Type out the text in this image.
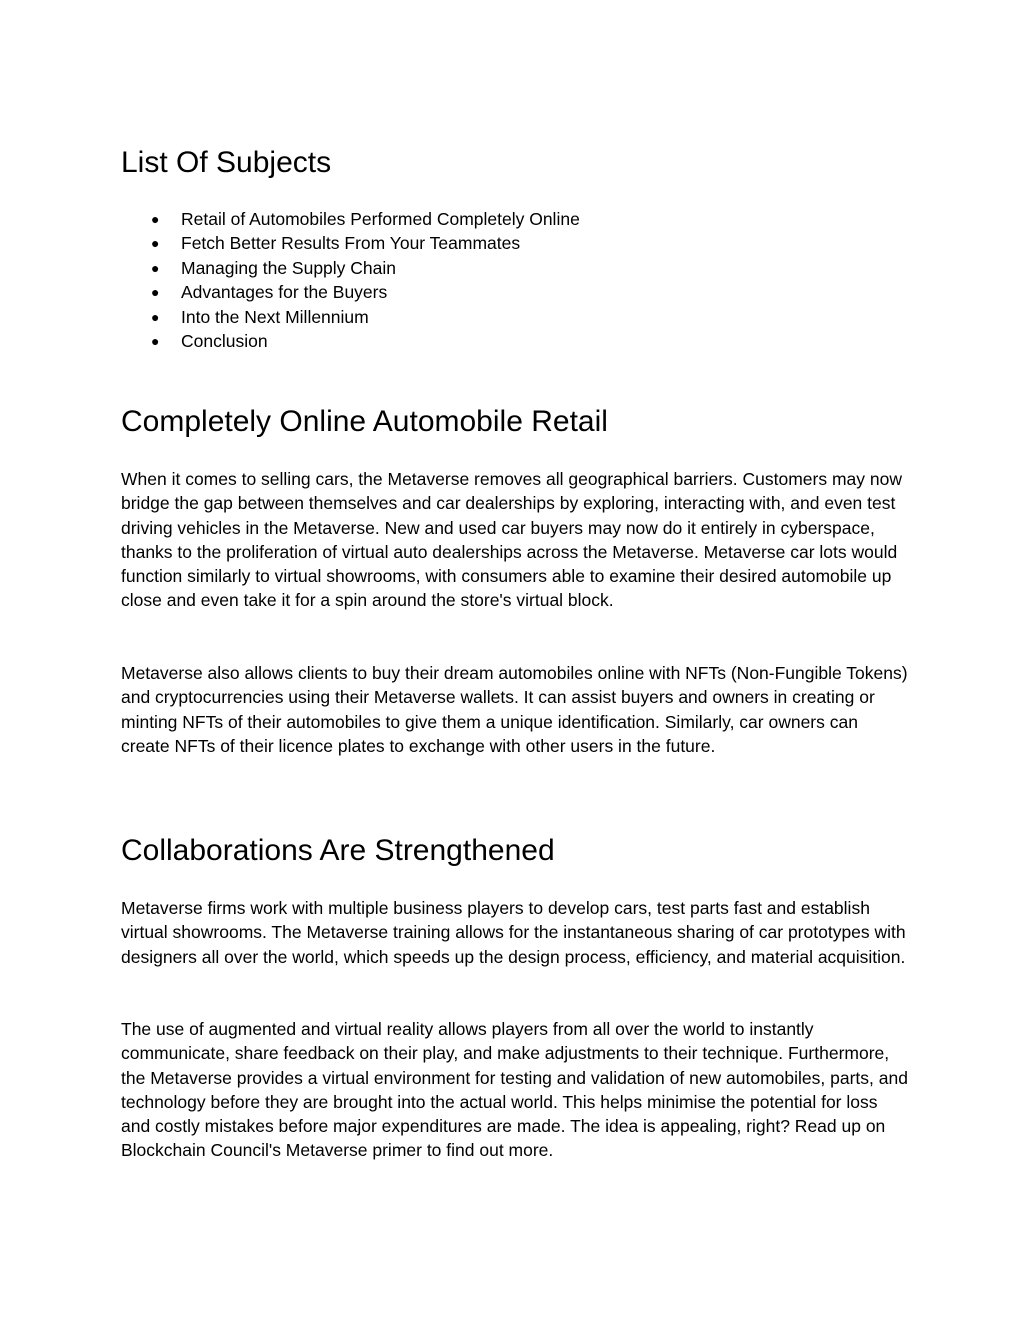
List Of Subjects
● Retail of Automobiles Performed Completely Online
● Fetch Better Results From Your Teammates
● Managing the Supply Chain
● Advantages for the Buyers
● Into the Next Millennium
● Conclusion
Completely Online Automobile Retail

When it comes to selling cars, the Metaverse removes all geographical barriers. Customers may now bridge the gap between themselves and car dealerships by exploring, interacting with, and even test driving vehicles in the Metaverse. New and used car buyers may now do it entirely in cyberspace, thanks to the proliferation of virtual auto dealerships across the Metaverse. Metaverse car lots would function similarly to virtual showrooms, with consumers able to examine their desired automobile up close and even take it for a spin around the store's virtual block.

Metaverse also allows clients to buy their dream automobiles online with NFTs (Non-Fungible Tokens) and cryptocurrencies using their Metaverse wallets. It can assist buyers and owners in creating or minting NFTs of their automobiles to give them a unique identification. Similarly, car owners can create NFTs of their licence plates to exchange with other users in the future.

Collaborations Are Strengthened

Metaverse firms work with multiple business players to develop cars, test parts fast and establish virtual showrooms. The Metaverse training allows for the instantaneous sharing of car prototypes with designers all over the world, which speeds up the design process, efficiency, and material acquisition.

The use of augmented and virtual reality allows players from all over the world to instantly communicate, share feedback on their play, and make adjustments to their technique. Furthermore, the Metaverse provides a virtual environment for testing and validation of new automobiles, parts, and technology before they are brought into the actual world. This helps minimise the potential for loss and costly mistakes before major expenditures are made. The idea is appealing, right? Read up on Blockchain Council's Metaverse primer to find out more.
